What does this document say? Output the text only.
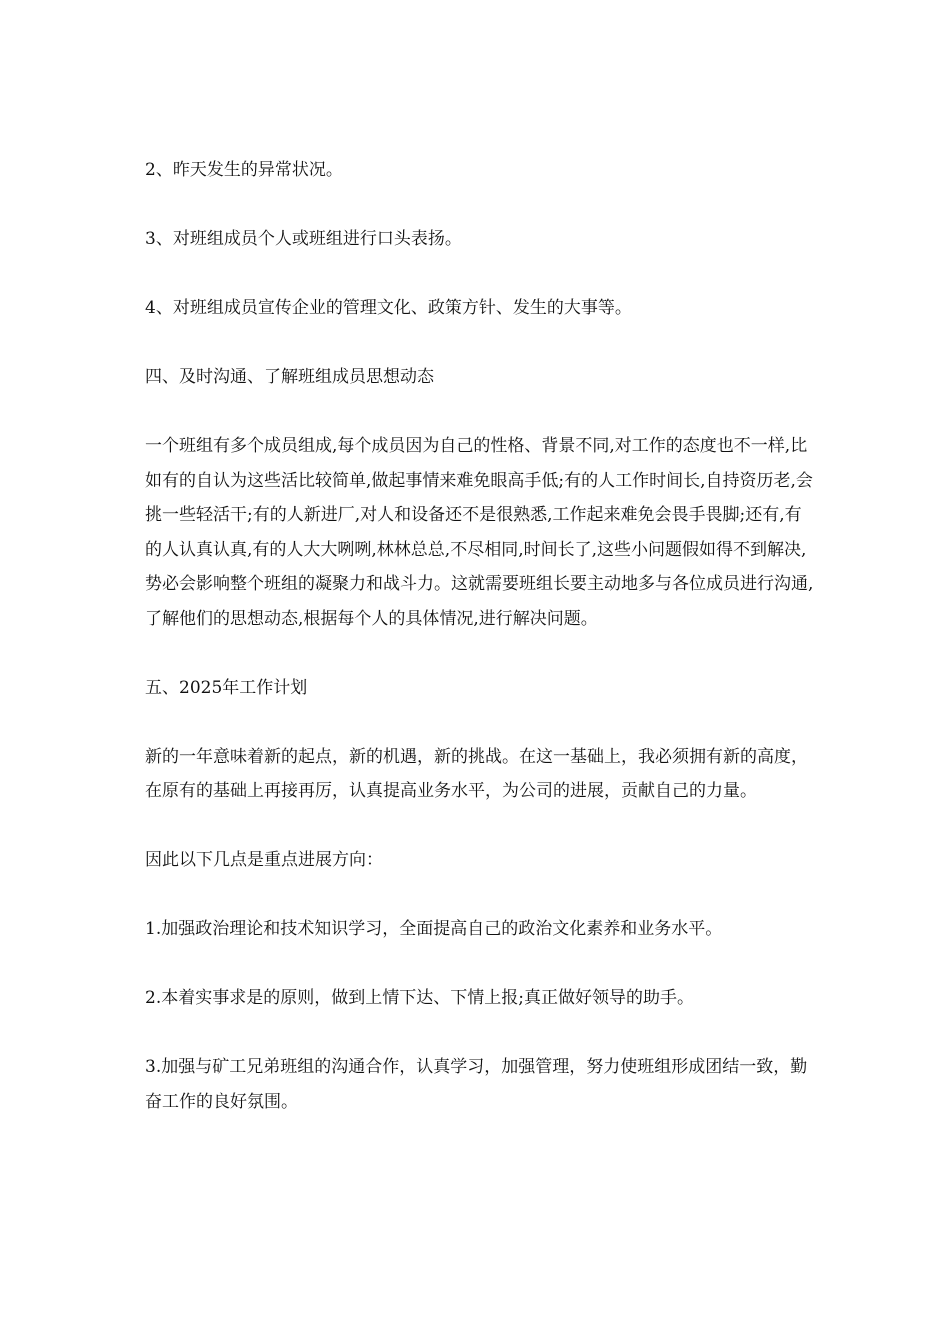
2、昨天发生的异常状况。

3、对班组成员个人或班组进行口头表扬。

4、对班组成员宣传企业的管理文化、政策方针、发生的大事等。

四、及时沟通、了解班组成员思想动态

一个班组有多个成员组成,每个成员因为自己的性格、背景不同,对工作的态度也不一样,比如有的自认为这些活比较简单,做起事情来难免眼高手低;有的人工作时间长,自持资历老,会挑一些轻活干;有的人新进厂,对人和设备还不是很熟悉,工作起来难免会畏手畏脚;还有,有的人认真认真,有的人大大咧咧,林林总总,不尽相同,时间长了,这些小问题假如得不到解决,势必会影响整个班组的凝聚力和战斗力。这就需要班组长要主动地多与各位成员进行沟通,了解他们的思想动态,根据每个人的具体情况,进行解决问题。

五、2025年工作计划

新的一年意味着新的起点，新的机遇，新的挑战。在这一基础上，我必须拥有新的高度，在原有的基础上再接再厉，认真提高业务水平，为公司的进展，贡献自己的力量。

因此以下几点是重点进展方向：

1.加强政治理论和技术知识学习，全面提高自己的政治文化素养和业务水平。

2.本着实事求是的原则，做到上情下达、下情上报;真正做好领导的助手。

3.加强与矿工兄弟班组的沟通合作，认真学习，加强管理，努力使班组形成团结一致，勤奋工作的良好氛围。
